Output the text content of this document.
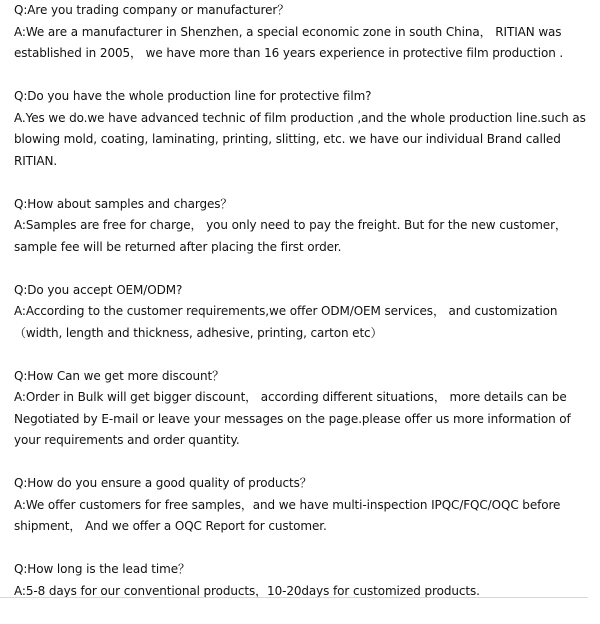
Q:Are you trading company or manufacturer？

A:We are a manufacturer in Shenzhen, a special economic zone in south China， RITIAN was established in 2005， we have more than 16 years experience in protective film production .

Q:Do you have the whole production line for protective film?

A.Yes we do.we have advanced technic of film production ,and the whole production line.such as blowing mold, coating, laminating, printing, slitting, etc. we have our individual Brand called RITIAN.

Q:How about samples and charges？

A:Samples are free for charge， you only need to pay the freight. But for the new customer， sample fee will be returned after placing the first order.

Q:Do you accept OEM/ODM?

A:According to the customer requirements,we offer ODM/OEM services， and customization （width, length and thickness, adhesive, printing, carton etc）

Q:How Can we get more discount？

A:Order in Bulk will get bigger discount， according different situations， more details can be Negotiated by E-mail or leave your messages on the page.please offer us more information of your requirements and order quantity.

Q:How do you ensure a good quality of products？

A:We offer customers for free samples，and we have multi-inspection IPQC/FQC/OQC before shipment， And we offer a OQC Report for customer.

Q:How long is the lead time？

A:5-8 days for our conventional products，10-20days for customized products.
